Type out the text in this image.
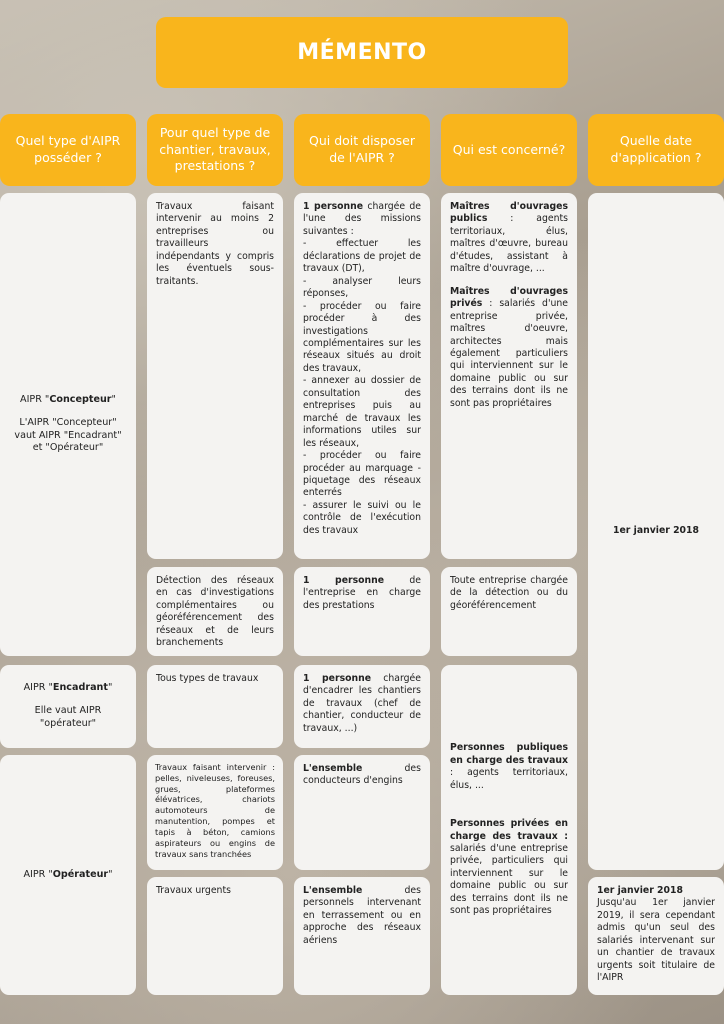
MÉMENTO
Quel type d'AIPR posséder ?
Pour quel type de chantier, travaux, prestations ?
Qui doit disposer de l'AIPR ?
Qui est concerné?
Quelle date d'application ?

AIPR "Concepteur"

L'AIPR "Concepteur" vaut AIPR "Encadrant" et "Opérateur"

AIPR "Encadrant"

Elle vaut AIPR "opérateur"

AIPR "Opérateur"

Travaux faisant intervenir au moins 2 entreprises ou travailleurs indépendants y compris les éventuels sous-traitants.

Détection des réseaux en cas d'investigations complémentaires ou géoréférencement des réseaux et de leurs branchements

Tous types de travaux

Travaux faisant intervenir : pelles, niveleuses, foreuses, grues, plateformes élévatrices, chariots automoteurs de manutention, pompes et tapis à béton, camions aspirateurs ou engins de travaux sans tranchées

Travaux urgents

1 personne chargée de l'une des missions suivantes :

- effectuer les déclarations de projet de travaux (DT),

- analyser leurs réponses,

- procéder ou faire procéder à des investigations complémentaires sur les réseaux situés au droit des travaux,

- annexer au dossier de consultation des entreprises puis au marché de travaux les informations utiles sur les réseaux,

- procéder ou faire procéder au marquage -piquetage des réseaux enterrés

- assurer le suivi ou le contrôle de l'exécution des travaux

1 personne de l'entreprise en charge des prestations

1 personne chargée d'encadrer les chantiers de travaux (chef de chantier, conducteur de travaux, ...)

L'ensemble des conducteurs d'engins

L'ensemble des personnels intervenant en terrassement ou en approche des réseaux aériens

Maîtres d'ouvrages publics : agents territoriaux, élus, maîtres d'œuvre, bureau d'études, assistant à maître d'ouvrage, ...

Maîtres d'ouvrages privés : salariés d'une entreprise privée, maîtres d'oeuvre, architectes mais également particuliers qui interviennent sur le domaine public ou sur des terrains dont ils ne sont pas propriétaires

Toute entreprise chargée de la détection ou du géoréférencement

Personnes publiques en charge des travaux : agents territoriaux, élus, ...

Personnes privées en charge des travaux : salariés d'une entreprise privée, particuliers qui interviennent sur le domaine public ou sur des terrains dont ils ne sont pas propriétaires

1er janvier 2018

1er janvier 2018

Jusqu'au 1er janvier 2019, il sera cependant admis qu'un seul des salariés intervenant sur un chantier de travaux urgents soit titulaire de l'AIPR
